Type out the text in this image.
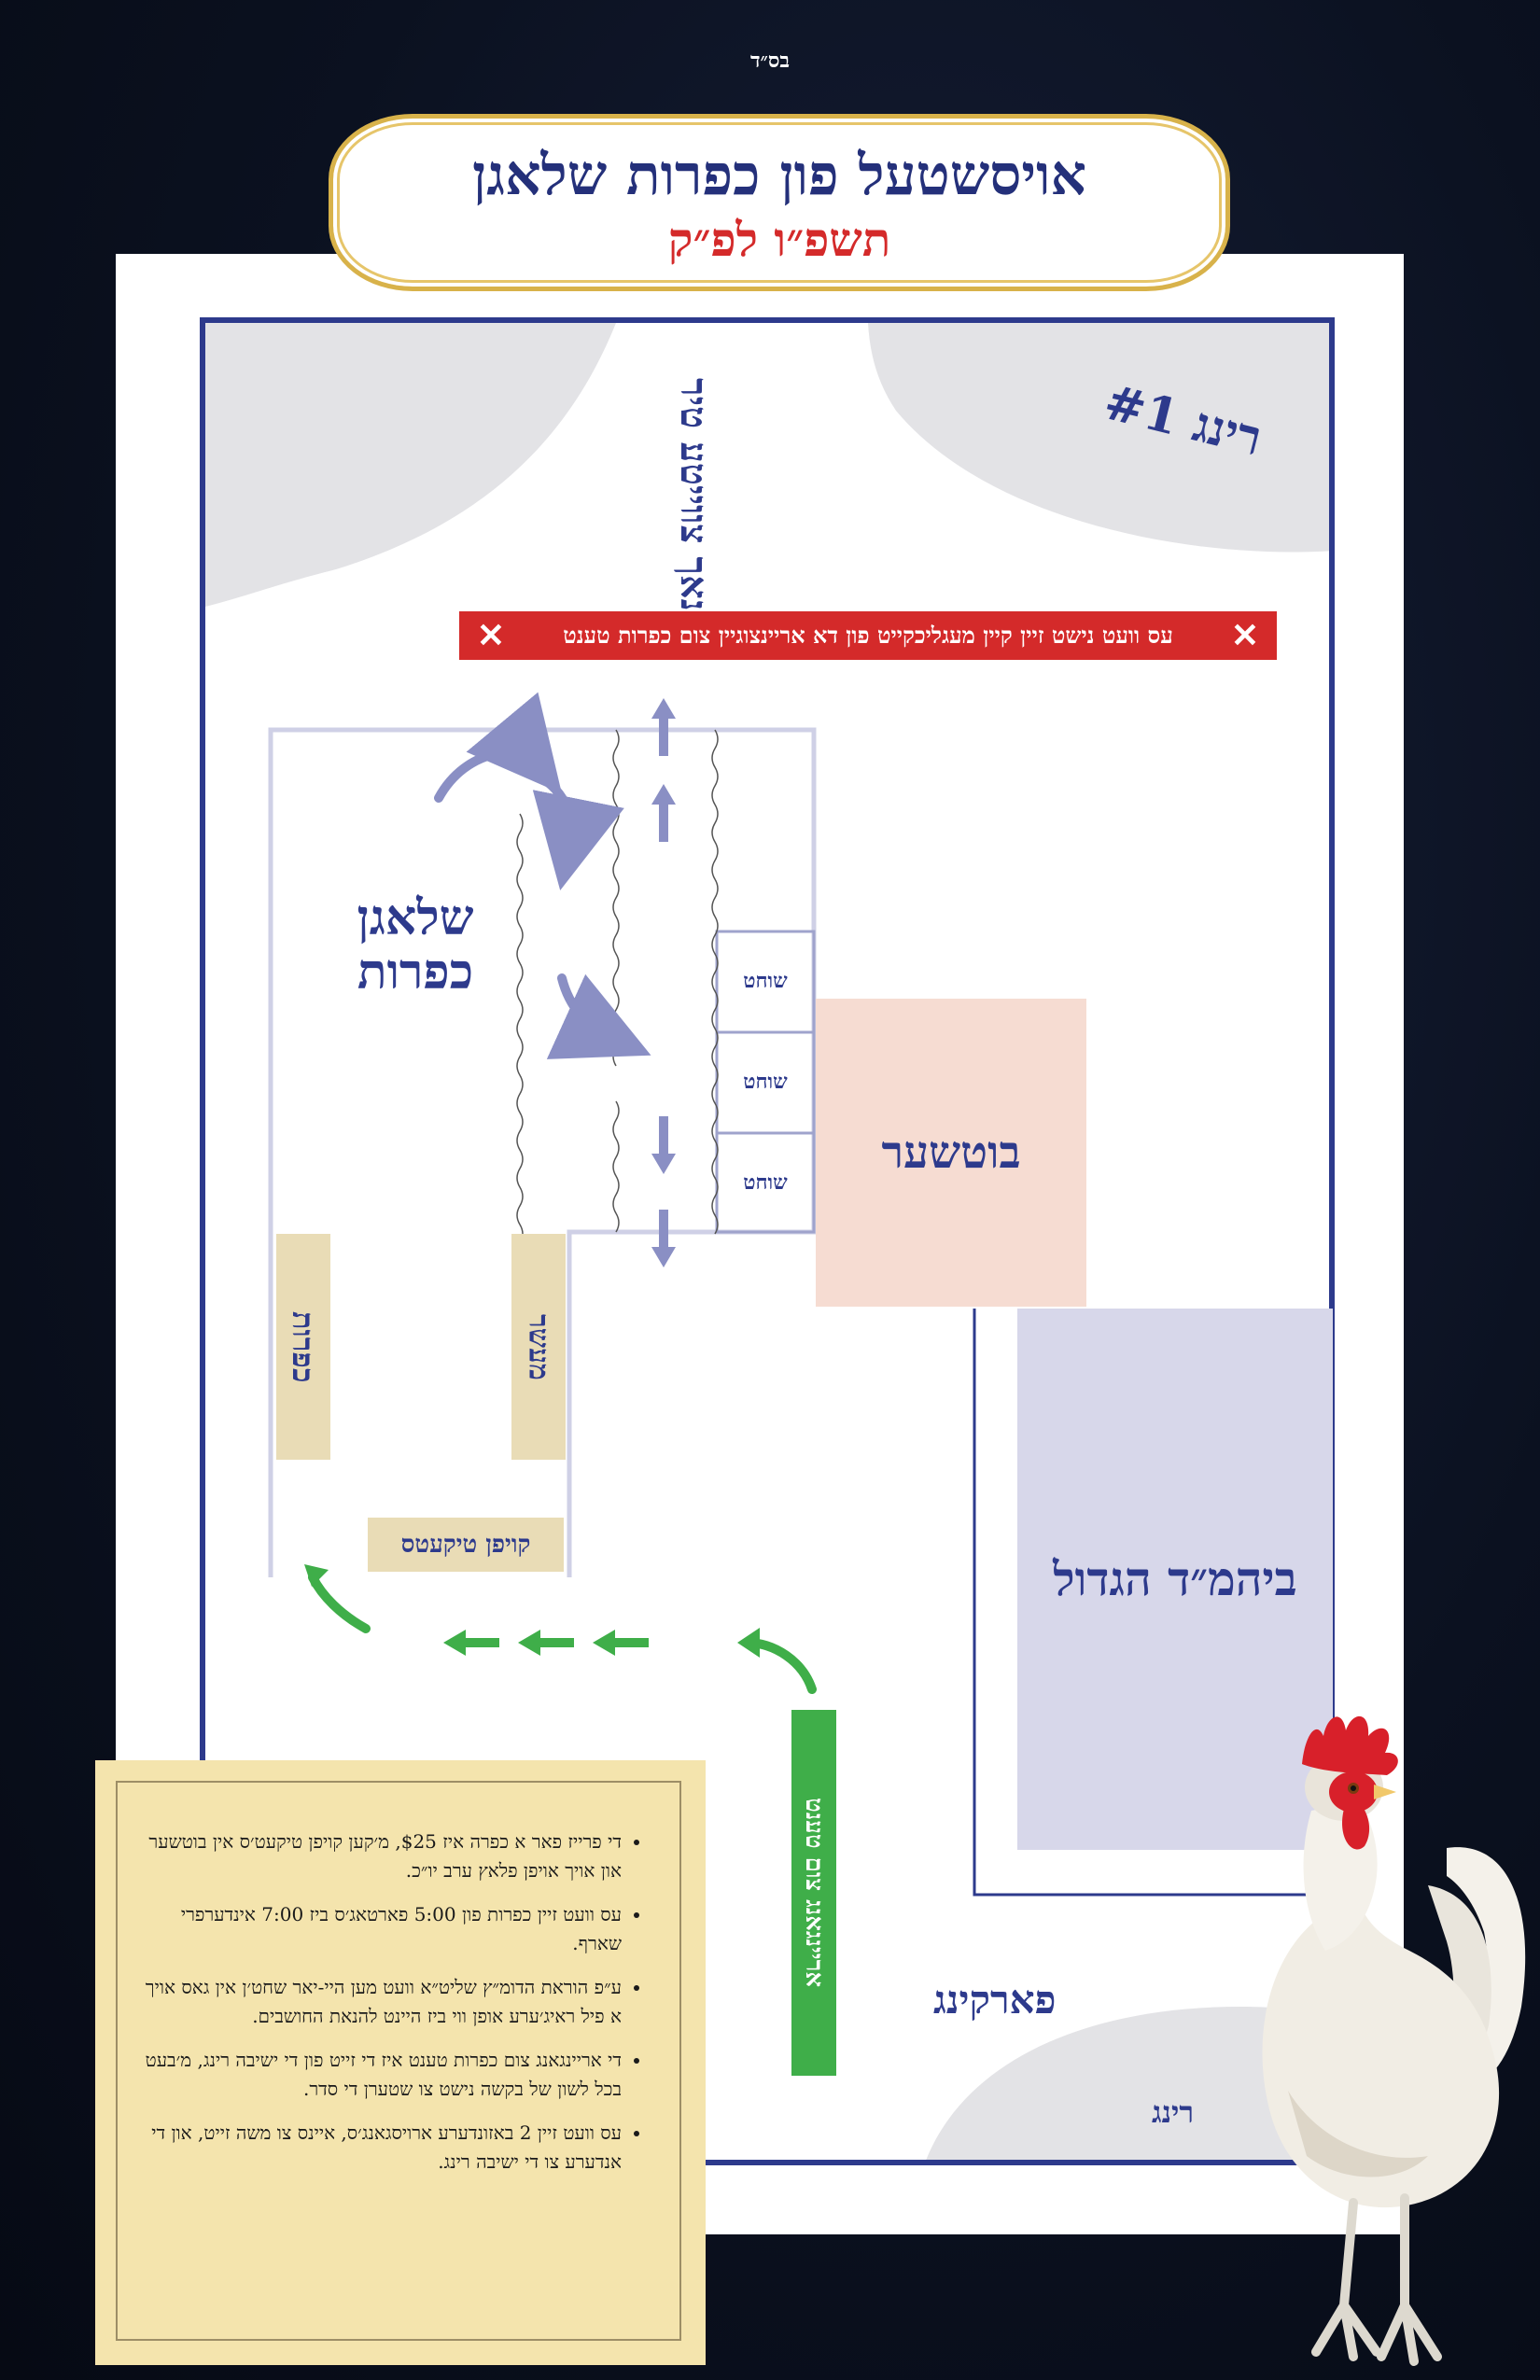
בס״ד
אויסשטעל פון כפרות שלאגן
תשפ״ו לפ״ק
רינג #1
נאך צווייטע טיר
✕
עס וועט נישט זיין קיין מעגליכקייט פון דא אריינצוגיין צום כפרות טענט
✕
שלאגן כפרות	שוחט
שוחט
שוחט
בוטשער
ביהמ״ד הגדול
כפרות	מעשר
קויפן טיקעטס
אריינגאנג צום טענט
פארקינג
רינג
• די פרייז פאר א כפרה איז $25, מ׳קען קויפן טיקעט׳ס אין בוטשער און אויך אויפן פלאץ ערב יו״כ.
• עס וועט זיין כפרות פון 5:00 פארטאג׳ס ביז 7:00 אינדערפרי שארף.
• ע״פ הוראת הדומ״ץ שליט״א וועט מען היי-יאר שחט׳ן אין גאס אויך א פיל ראיג׳ערע אופן ווי ביז היינט להנאת החושבים.
• די אריינגאנג צום כפרות טענט איז די זייט פון די ישיבה רינג, מ׳בעט בכל לשון של בקשה נישט צו שטערן די סדר.
• עס וועט זיין 2 באזונדערע ארויסגאנג׳ס, איינס צו משה זייט, און די אנדערע צו די ישיבה רינג.
